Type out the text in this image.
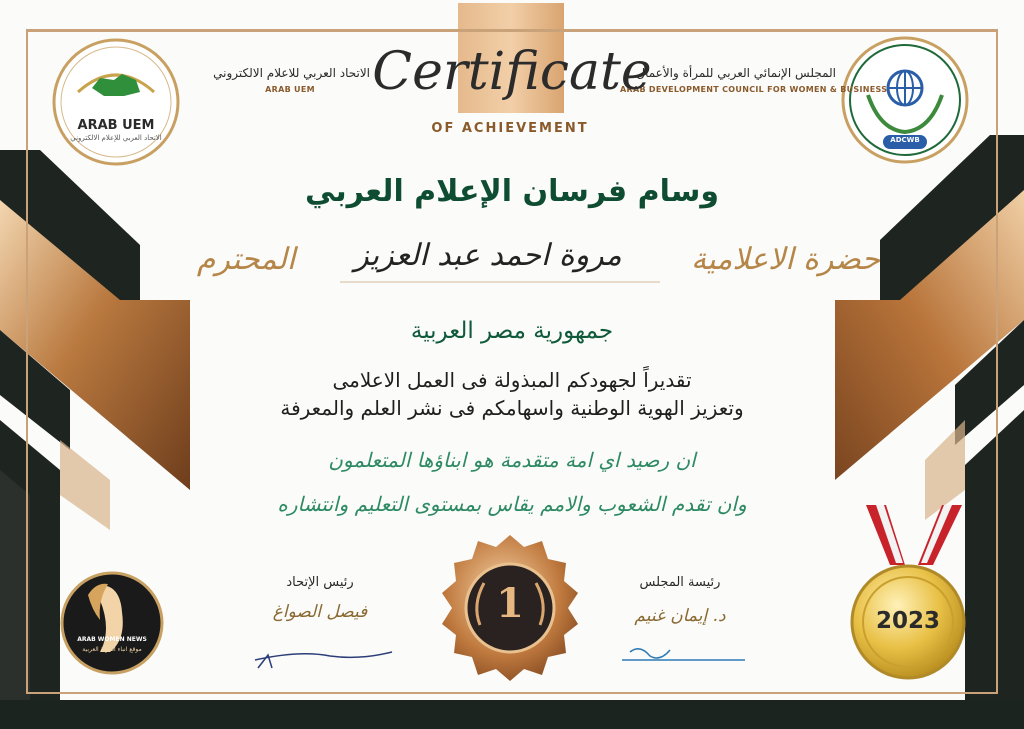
ARAB UEM
الاتحاد العربي للإعلام الالكتروني	ADCWB
ARAB WOMEN NEWS
موقع انباء المرأة العربية
الاتحاد العربي للاعلام الالكتروني
ARAB UEM
المجلس الإنمائي العربي للمرأة والأعمال
ARAB DEVELOPMENT COUNCIL FOR WOMEN & BUSINESS
Certificate
OF ACHIEVEMENT
وسام فرسان الإعلام العربي
حضرة الاعلامية
مروة احمد عبد العزيز
المحترم
جمهورية مصر العربية
تقديراً لجهودكم المبذولة فى العمل الاعلامى
وتعزيز الهوية الوطنية واسهامكم فى نشر العلم والمعرفة
ان رصيد اي امة متقدمة هو ابناؤها المتعلمون
وان تقدم الشعوب والامم يقاس بمستوى التعليم وانتشاره
رئيس الإتحاد
فيصل الصواغ
رئيسة المجلس
د. إيمان غنيم
1	2023
